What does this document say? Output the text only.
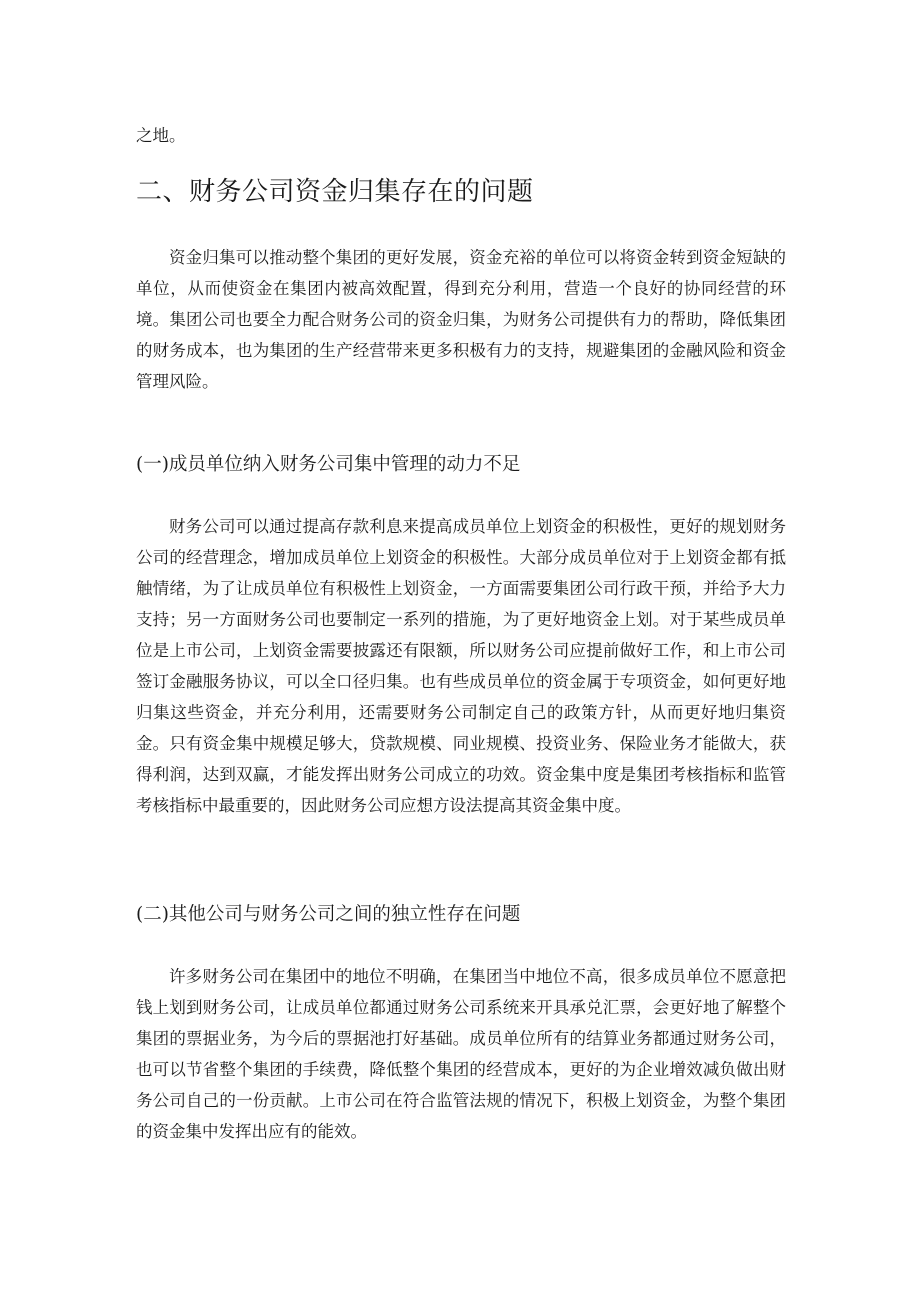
之地。

二、财务公司资金归集存在的问题

资金归集可以推动整个集团的更好发展，资金充裕的单位可以将资金转到资金短缺的单位，从而使资金在集团内被高效配置，得到充分利用，营造一个良好的协同经营的环境。集团公司也要全力配合财务公司的资金归集，为财务公司提供有力的帮助，降低集团的财务成本，也为集团的生产经营带来更多积极有力的支持，规避集团的金融风险和资金管理风险。

(一)成员单位纳入财务公司集中管理的动力不足

财务公司可以通过提高存款利息来提高成员单位上划资金的积极性，更好的规划财务公司的经营理念，增加成员单位上划资金的积极性。大部分成员单位对于上划资金都有抵触情绪，为了让成员单位有积极性上划资金，一方面需要集团公司行政干预，并给予大力支持；另一方面财务公司也要制定一系列的措施，为了更好地资金上划。对于某些成员单位是上市公司，上划资金需要披露还有限额，所以财务公司应提前做好工作，和上市公司签订金融服务协议，可以全口径归集。也有些成员单位的资金属于专项资金，如何更好地归集这些资金，并充分利用，还需要财务公司制定自己的政策方针，从而更好地归集资金。只有资金集中规模足够大，贷款规模、同业规模、投资业务、保险业务才能做大，获得利润，达到双赢，才能发挥出财务公司成立的功效。资金集中度是集团考核指标和监管考核指标中最重要的，因此财务公司应想方设法提高其资金集中度。

(二)其他公司与财务公司之间的独立性存在问题

许多财务公司在集团中的地位不明确，在集团当中地位不高，很多成员单位不愿意把钱上划到财务公司，让成员单位都通过财务公司系统来开具承兑汇票，会更好地了解整个集团的票据业务，为今后的票据池打好基础。成员单位所有的结算业务都通过财务公司，也可以节省整个集团的手续费，降低整个集团的经营成本，更好的为企业增效减负做出财务公司自己的一份贡献。上市公司在符合监管法规的情况下，积极上划资金，为整个集团的资金集中发挥出应有的能效。
